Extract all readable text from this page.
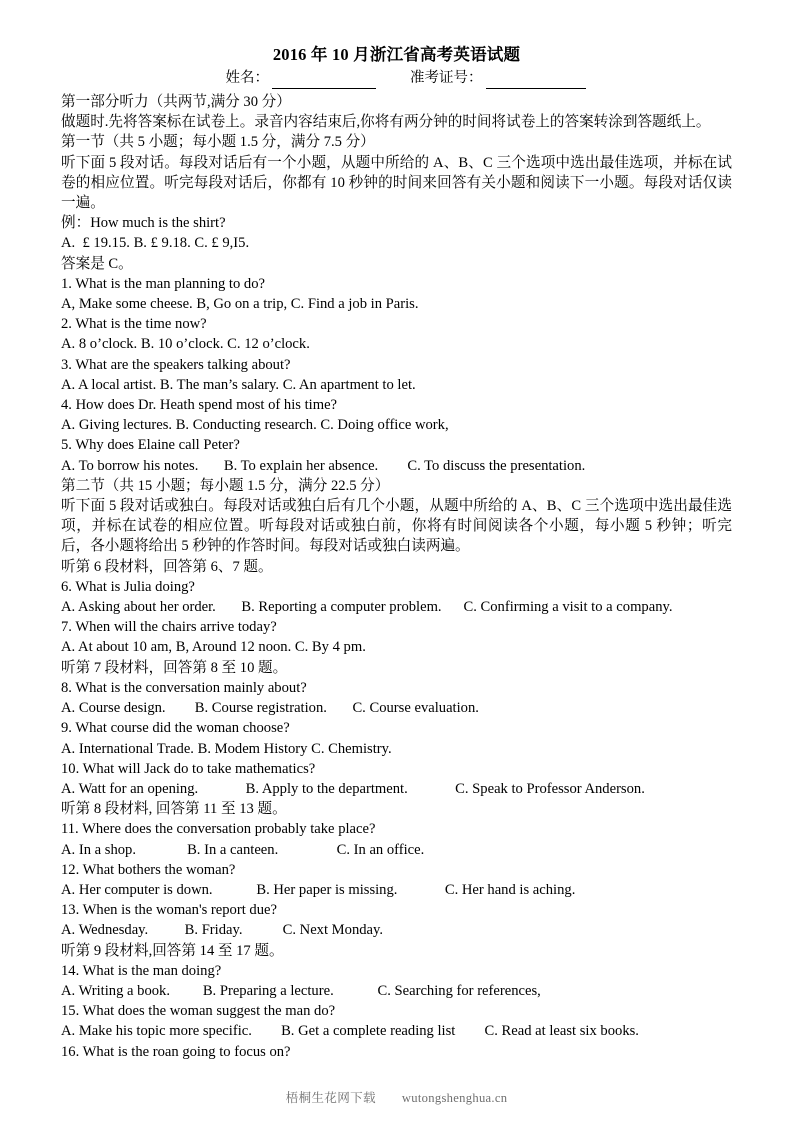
2016 年 10 月浙江省高考英语试题
姓名：	准考证号：
第一部分听力（共两节,满分 30 分）
做题时.先将答案标在试卷上。录音内容结束后,你将有两分钟的时间将试卷上的答案转涂到答题纸上。
第一节（共 5 小题；每小题 1.5 分，满分 7.5 分）
听下面 5 段对话。每段对话后有一个小题，从题中所给的 A、B、C 三个选项中选出最佳选项，并标在试卷的相应位置。听完每段对话后，你都有 10 秒钟的时间来回答有关小题和阅读下一小题。每段对话仅读一遍。
例：How much is the shirt?
A.  £ 19.15. B. £ 9.18. C. £ 9,I5.
答案是 C。
1. What is the man planning to do?
A, Make some cheese. B, Go on a trip, C. Find a job in Paris.
2. What is the time now?
A. 8 o’clock. B. 10 o’clock. C. 12 o’clock.
3. What are the speakers talking about?
A. A local artist. B. The man’s salary. C. An apartment to let.
4. How does Dr. Heath spend most of his time?
A. Giving lectures. B. Conducting research. C. Doing office work,
5. Why does Elaine call Peter?
A. To borrow his notes.       B. To explain her absence.        C. To discuss the presentation.
第二节（共 15 小题；每小题 1.5 分，满分 22.5 分）
听下面 5 段对话或独白。每段对话或独白后有几个小题，从题中所给的 A、B、C 三个选项中选出最佳选项，并标在试卷的相应位置。听每段对话或独白前，你将有时间阅读各个小题，每小题 5 秒钟；听完后，各小题将给出 5 秒钟的作答时间。每段对话或独白读两遍。
听第 6 段材料，回答第 6、7 题。
6. What is Julia doing?
A. Asking about her order.       B. Reporting a computer problem.      C. Confirming a visit to a company.
7. When will the chairs arrive today?
A. At about 10 am, B, Around 12 noon. C. By 4 pm.
听第 7 段材料，回答第 8 至 10 题。
8. What is the conversation mainly about?
A. Course design.        B. Course registration.       C. Course evaluation.
9. What course did the woman choose?
A. International Trade. B. Modem History C. Chemistry.
10. What will Jack do to take mathematics?
A. Watt for an opening.             B. Apply to the department.             C. Speak to Professor Anderson.
听第 8 段材料, 回答第 11 至 13 题。
11. Where does the conversation probably take place?
A. In a shop.              B. In a canteen.                C. In an office.
12. What bothers the woman?
A. Her computer is down.            B. Her paper is missing.             C. Her hand is aching.
13. When is the woman's report due?
A. Wednesday.          B. Friday.           C. Next Monday.
听第 9 段材料,回答第 14 至 17 题。
14. What is the man doing?
A. Writing a book.         B. Preparing a lecture.            C. Searching for references,
15. What does the woman suggest the man do?
A. Make his topic more specific.        B. Get a complete reading list        C. Read at least six books.
16. What is the roan going to focus on?
梧桐生花网下载 wutongshenghua.cn
